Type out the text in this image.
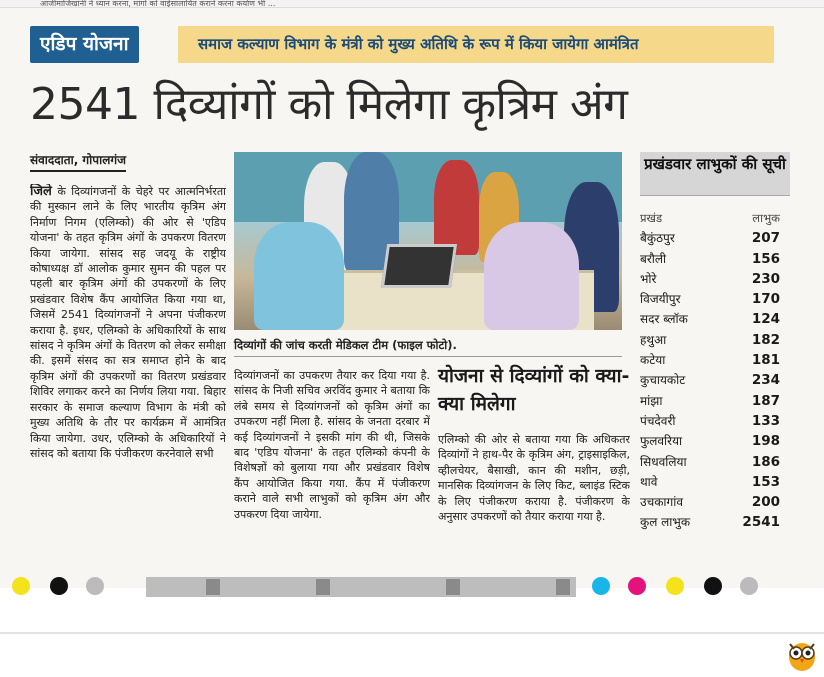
आजीमाजिखांनी ने ध्यान करना, मांगों को वाईसालायित कराने करना कर्याण भी ...
एडिप योजना	समाज कल्याण विभाग के मंत्री को मुख्य अतिथि के रूप में किया जायेगा आमंत्रित
2541 दिव्यांगों को मिलेगा कृत्रिम अंग
संवाददाता, गोपालगंज
जिले के दिव्यांगजनों के चेहरे पर आत्मनिर्भरता की मुस्कान लाने के लिए भारतीय कृत्रिम अंग निर्माण निगम (एलिम्को) की ओर से 'एडिप योजना' के तहत कृत्रिम अंगों के उपकरण वितरण किया जायेगा. सांसद सह जदयू के राष्ट्रीय कोषाध्यक्ष डॉ आलोक कुमार सुमन की पहल पर पहली बार कृत्रिम अंगों की उपकरणों के लिए प्रखंडवार विशेष कैंप आयोजित किया गया था, जिसमें 2541 दिव्यांगजनों ने अपना पंजीकरण कराया है. इधर, एलिम्को के अधिकारियों के साथ सांसद ने कृत्रिम अंगों के वितरण को लेकर समीक्षा की. इसमें संसद का सत्र समाप्त होने के बाद कृत्रिम अंगों की उपकरणों का वितरण प्रखंडवार शिविर लगाकर करने का निर्णय लिया गया. बिहार सरकार के समाज कल्याण विभाग के मंत्री को मुख्य अतिथि के तौर पर कार्यक्रम में आमंत्रित किया जायेगा. उधर, एलिम्को के अधिकारियों ने सांसद को बताया कि पंजीकरण करनेवाले सभी
दिव्यांगों की जांच करती मेडिकल टीम (फाइल फोटो).
दिव्यांगजनों का उपकरण तैयार कर दिया गया है. सांसद के निजी सचिव अरविंद कुमार ने बताया कि लंबे समय से दिव्यांगजनों को कृत्रिम अंगों का उपकरण नहीं मिला है. सांसद के जनता दरबार में कई दिव्यांगजनों ने इसकी मांग की थी, जिसके बाद 'एडिप योजना' के तहत एलिम्को कंपनी के विशेषज्ञों को बुलाया गया और प्रखंडवार विशेष कैंप आयोजित किया गया. कैंप में पंजीकरण कराने वाले सभी लाभुकों को कृत्रिम अंग और उपकरण दिया जायेगा.
योजना से दिव्यांगों को क्या-क्या मिलेगा
एलिम्को की ओर से बताया गया कि अधिकतर दिव्यांगों ने हाथ-पैर के कृत्रिम अंग, ट्राइसाइकिल, व्हीलचेयर, बैसाखी, कान की मशीन, छड़ी, मानसिक दिव्यांगजन के लिए किट, ब्लाइंड स्टिक के लिए पंजीकरण कराया है. पंजीकरण के अनुसार उपकरणों को तैयार कराया गया है.
प्रखंडवार लाभुकों की सूची
प्रखंड	लाभुक
बैकुंठपुर	207
बरौली	156
भोरे	230
विजयीपुर	170
सदर ब्लॉक	124
हथुआ	182
कटेया	181
कुचायकोट	234
मांझा	187
पंचदेवरी	133
फुलवरिया	198
सिधवलिया	186
थावे	153
उचकागांव	200
कुल लाभुक	2541
